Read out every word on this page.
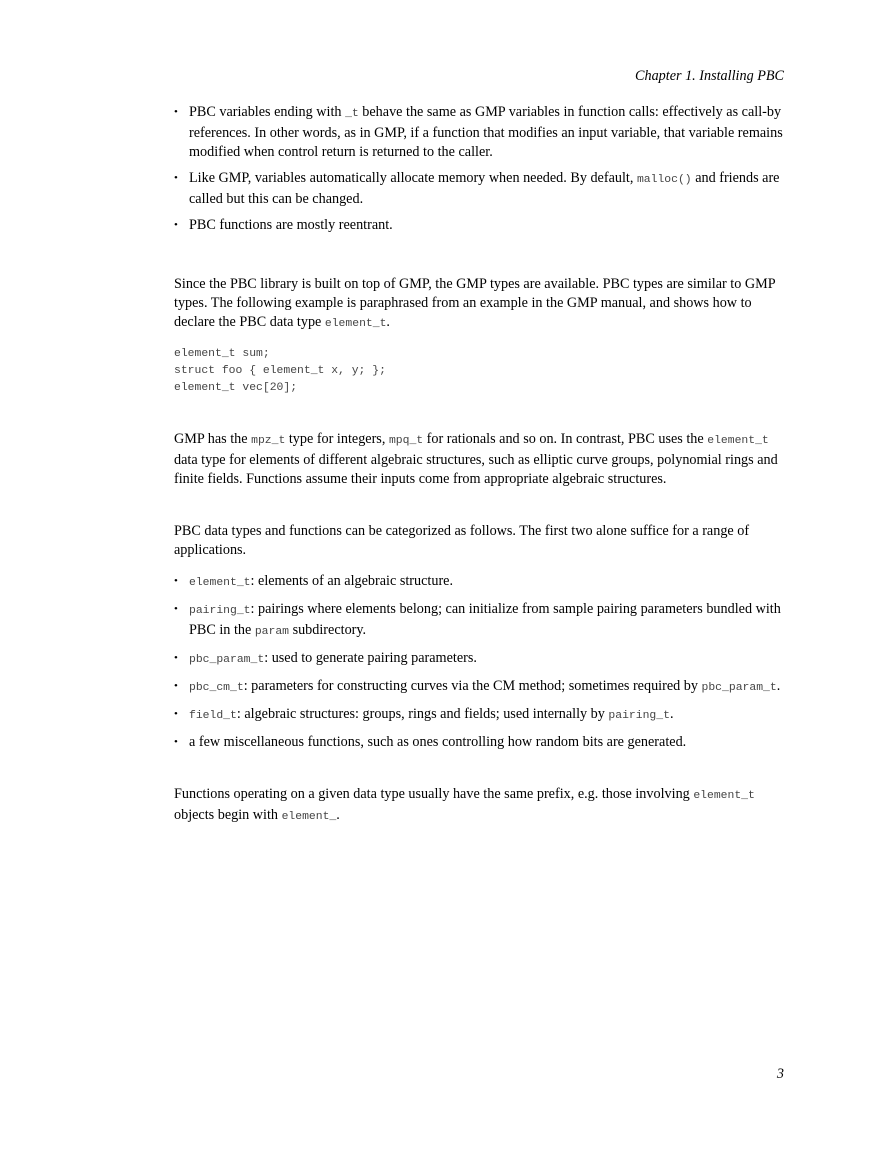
Chapter 1. Installing PBC
• PBC variables ending with _t behave the same as GMP variables in function calls: effectively as call-by references. In other words, as in GMP, if a function that modifies an input variable, that variable remains modified when control return is returned to the caller.
• Like GMP, variables automatically allocate memory when needed. By default, malloc() and friends are called but this can be changed.
• PBC functions are mostly reentrant.

Since the PBC library is built on top of GMP, the GMP types are available. PBC types are similar to GMP types. The following example is paraphrased from an example in the GMP manual, and shows how to declare the PBC data type element_t.

element_t sum;
struct foo { element_t x, y; };
element_t vec[20];

GMP has the mpz_t type for integers, mpq_t for rationals and so on. In contrast, PBC uses the element_t data type for elements of different algebraic structures, such as elliptic curve groups, polynomial rings and finite fields. Functions assume their inputs come from appropriate algebraic structures.

PBC data types and functions can be categorized as follows. The first two alone suffice for a range of applications.

• element_t: elements of an algebraic structure.
• pairing_t: pairings where elements belong; can initialize from sample pairing parameters bundled with PBC in the param subdirectory.
• pbc_param_t: used to generate pairing parameters.
• pbc_cm_t: parameters for constructing curves via the CM method; sometimes required by pbc_param_t.
• field_t: algebraic structures: groups, rings and fields; used internally by pairing_t.
• a few miscellaneous functions, such as ones controlling how random bits are generated.

Functions operating on a given data type usually have the same prefix, e.g. those involving element_t objects begin with element_.

3
